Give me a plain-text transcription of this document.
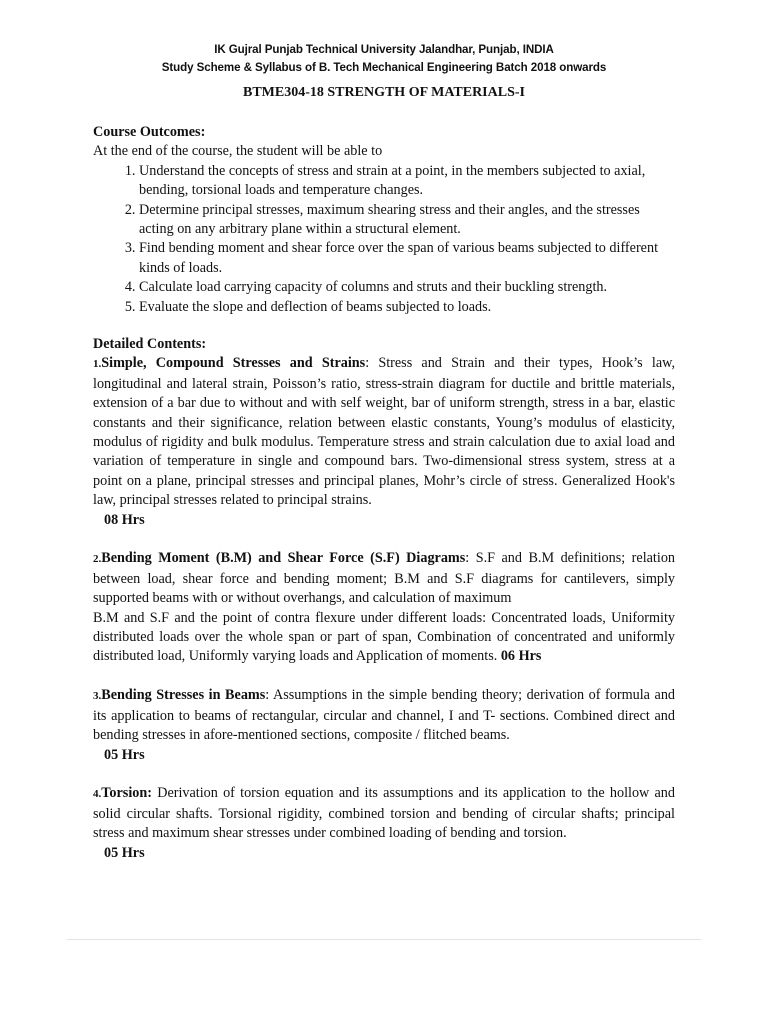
IK Gujral Punjab Technical University Jalandhar, Punjab, INDIA
Study Scheme & Syllabus of B. Tech Mechanical Engineering Batch 2018 onwards
BTME304-18 STRENGTH OF MATERIALS-I
Course Outcomes:
At the end of the course, the student will be able to
1. Understand the concepts of stress and strain at a point, in the members subjected to axial, bending, torsional loads and temperature changes.
2. Determine principal stresses, maximum shearing stress and their angles, and the stresses acting on any arbitrary plane within a structural element.
3. Find bending moment and shear force over the span of various beams subjected to different kinds of loads.
4. Calculate load carrying capacity of columns and struts and their buckling strength.
5. Evaluate the slope and deflection of beams subjected to loads.
Detailed Contents:

1.Simple, Compound Stresses and Strains: Stress and Strain and their types, Hook’s law, longitudinal and lateral strain, Poisson’s ratio, stress-strain diagram for ductile and brittle materials, extension of a bar due to without and with self weight, bar of uniform strength, stress in a bar, elastic constants and their significance, relation between elastic constants, Young’s modulus of elasticity, modulus of rigidity and bulk modulus. Temperature stress and strain calculation due to axial load and variation of temperature in single and compound bars. Two-dimensional stress system, stress at a point on a plane, principal stresses and principal planes, Mohr’s circle of stress. Generalized Hook's law, principal stresses related to principal strains.

08 Hrs

2.Bending Moment (B.M) and Shear Force (S.F) Diagrams: S.F and B.M definitions; relation between load, shear force and bending moment; B.M and S.F diagrams for cantilevers, simply supported beams with or without overhangs, and calculation of maximum

B.M and S.F and the point of contra flexure under different loads: Concentrated loads, Uniformity distributed loads over the whole span or part of span, Combination of concentrated and uniformly distributed load, Uniformly varying loads and Application of moments. 06 Hrs

3.Bending Stresses in Beams: Assumptions in the simple bending theory; derivation of formula and its application to beams of rectangular, circular and channel, I and T- sections. Combined direct and bending stresses in afore-mentioned sections, composite / flitched beams.

05 Hrs

4.Torsion: Derivation of torsion equation and its assumptions and its application to the hollow and solid circular shafts. Torsional rigidity, combined torsion and bending of circular shafts; principal stress and maximum shear stresses under combined loading of bending and torsion.

05 Hrs
